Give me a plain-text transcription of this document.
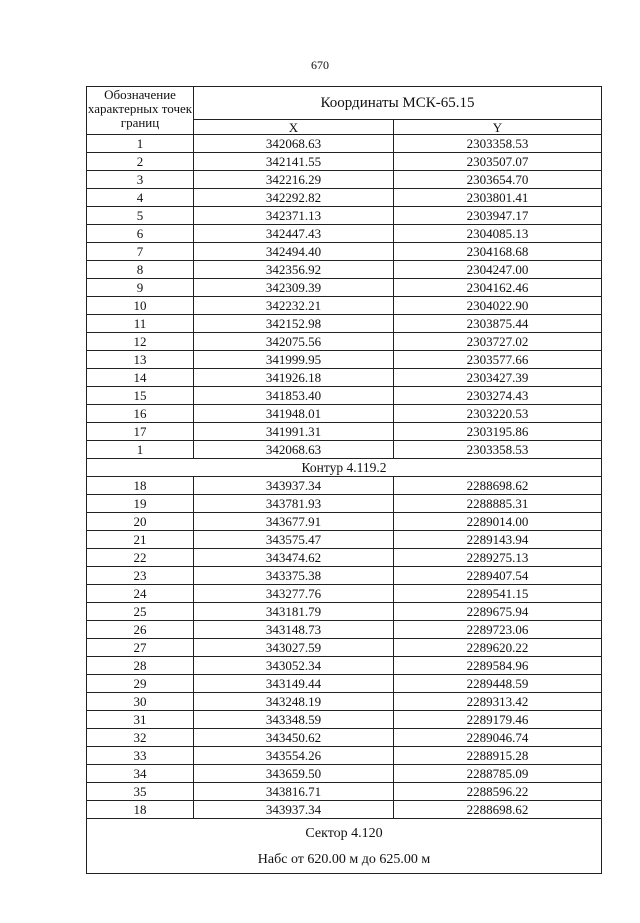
670
Обозначение характерных точек границ	Координаты МСК-65.15	
	X	Y
1	342068.63	2303358.53
2	342141.55	2303507.07
3	342216.29	2303654.70
4	342292.82	2303801.41
5	342371.13	2303947.17
6	342447.43	2304085.13
7	342494.40	2304168.68
8	342356.92	2304247.00
9	342309.39	2304162.46
10	342232.21	2304022.90
11	342152.98	2303875.44
12	342075.56	2303727.02
13	341999.95	2303577.66
14	341926.18	2303427.39
15	341853.40	2303274.43
16	341948.01	2303220.53
17	341991.31	2303195.86
1	342068.63	2303358.53
Контур 4.119.2		
18	343937.34	2288698.62
19	343781.93	2288885.31
20	343677.91	2289014.00
21	343575.47	2289143.94
22	343474.62	2289275.13
23	343375.38	2289407.54
24	343277.76	2289541.15
25	343181.79	2289675.94
26	343148.73	2289723.06
27	343027.59	2289620.22
28	343052.34	2289584.96
29	343149.44	2289448.59
30	343248.19	2289313.42
31	343348.59	2289179.46
32	343450.62	2289046.74
33	343554.26	2288915.28
34	343659.50	2288785.09
35	343816.71	2288596.22
18	343937.34	2288698.62

Сектор 4.120
Набс от 620.00 м до 625.00 м		
